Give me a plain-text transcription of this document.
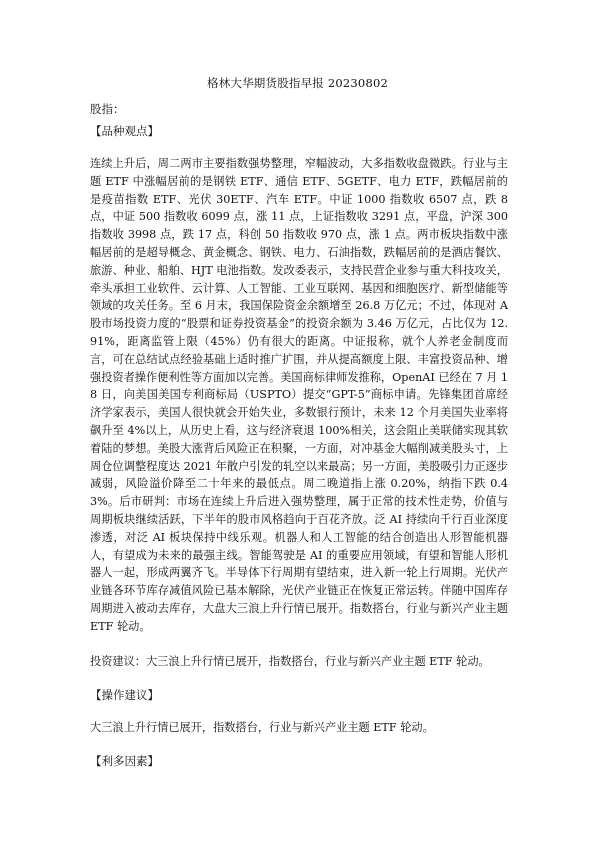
格林大华期货股指早报 20230802
股指：
【品种观点】
连续上升后，周二两市主要指数强势整理，窄幅波动，大多指数收盘微跌。行业与主题 ETF 中涨幅居前的是钢铁 ETF、通信 ETF、5GETF、电力 ETF，跌幅居前的是疫苗指数 ETF、光伏 30ETF、汽车 ETF。中证 1000 指数收 6507 点，跌 8 点，中证 500 指数收 6099 点，涨 11 点，上证指数收 3291 点，平盘，沪深 300 指数收 3998 点，跌 17 点，科创 50 指数收 970 点，涨 1 点。两市板块指数中涨幅居前的是超导概念、黄金概念、钢铁、电力、石油指数，跌幅居前的是酒店餐饮、旅游、种业、船舶、HJT 电池指数。发改委表示，支持民营企业参与重大科技攻关，牵头承担工业软件、云计算、人工智能、工业互联网、基因和细胞医疗、新型储能等领域的攻关任务。至 6 月末，我国保险资金余额增至 26.8 万亿元；不过，体现对 A 股市场投资力度的“股票和证券投资基金”的投资余额为 3.46 万亿元，占比仅为 12.91%，距离监管上限（45%）仍有很大的距离。中证报称，就个人养老金制度而言，可在总结试点经验基础上适时推广扩围，并从提高额度上限、丰富投资品种、增强投资者操作便利性等方面加以完善。美国商标律师发推称，OpenAI 已经在 7 月 18 日，向美国美国专利商标局（USPTO）提交“GPT-5”商标申请。先锋集团首席经济学家表示，美国人很快就会开始失业，多数银行预计，未来 12 个月美国失业率将飙升至 4%以上，从历史上看，这与经济衰退 100%相关，这会阻止美联储实现其软着陆的梦想。美股大涨背后风险正在积聚，一方面，对冲基金大幅削减美股头寸，上周仓位调整程度达 2021 年散户引发的轧空以来最高；另一方面，美股吸引力正逐步减弱，风险溢价降至二十年来的最低点。周二晚道指上涨 0.20%，纳指下跌 0.43%。后市研判：市场在连续上升后进入强势整理，属于正常的技术性走势，价值与周期板块继续活跃，下半年的股市风格趋向于百花齐放。泛 AI 持续向千行百业深度渗透，对泛 AI 板块保持中线乐观。机器人和人工智能的结合创造出人形智能机器人，有望成为未来的最强主线。智能驾驶是 AI 的重要应用领域，有望和智能人形机器人一起，形成两翼齐飞。半导体下行周期有望结束，进入新一轮上行周期。光伏产业链各环节库存减值风险已基本解除，光伏产业链正在恢复正常运转。伴随中国库存周期进入被动去库存，大盘大三浪上升行情已展开。指数搭台，行业与新兴产业主题 ETF 轮动。
投资建议：大三浪上升行情已展开，指数搭台，行业与新兴产业主题 ETF 轮动。
【操作建议】
大三浪上升行情已展开，指数搭台，行业与新兴产业主题 ETF 轮动。
【利多因素】
